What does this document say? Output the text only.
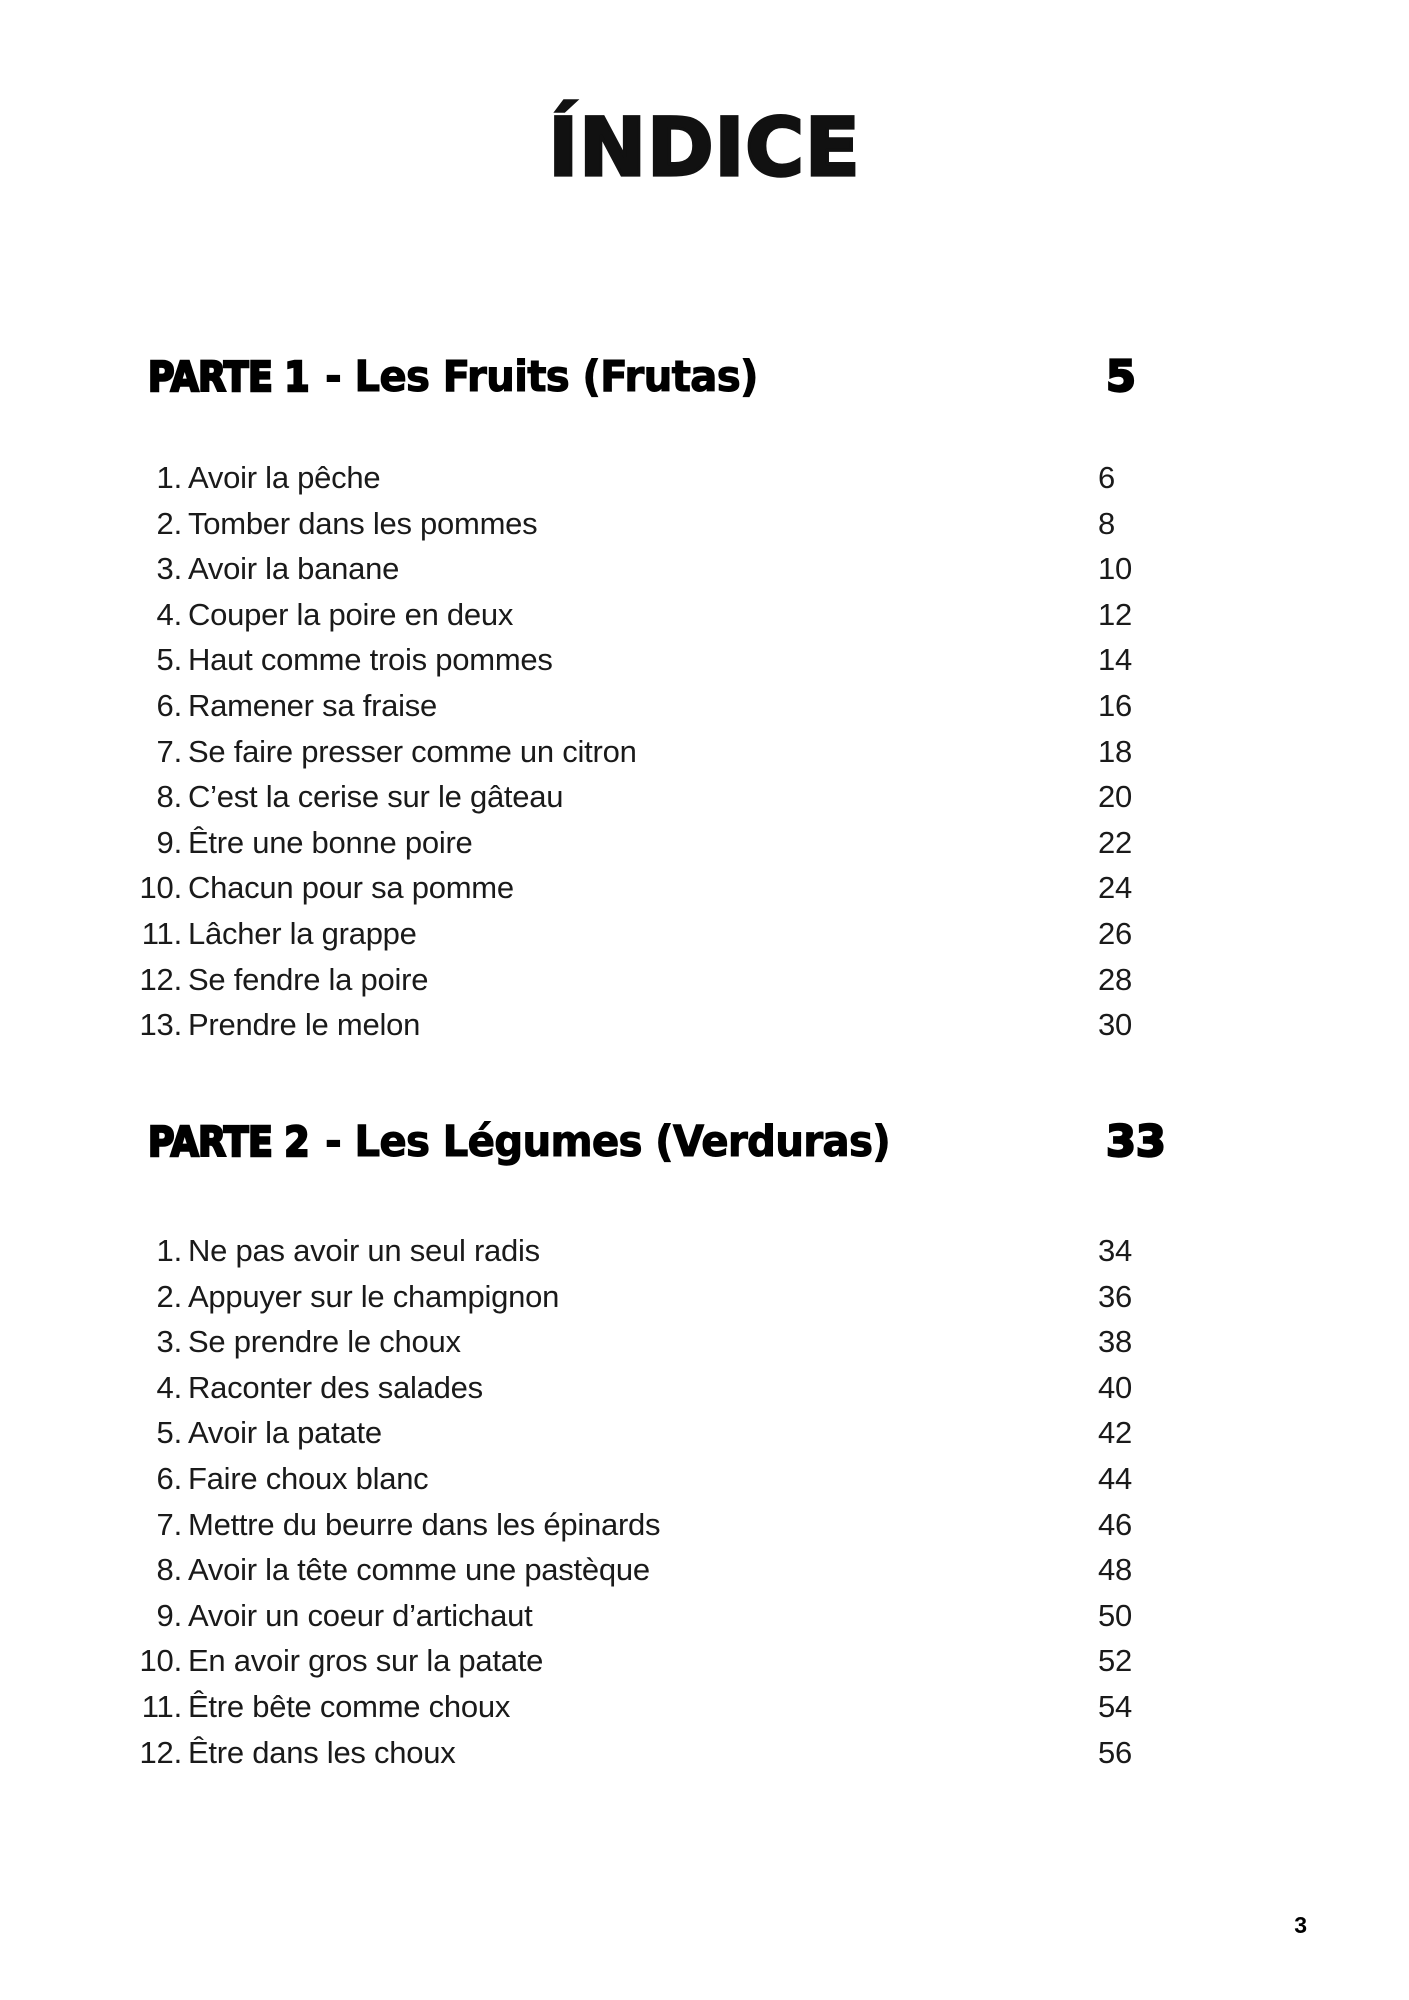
ÍNDICE
PARTE 1- Les Fruits (Frutas)	5
1. Avoir la pêche	6
2. Tomber dans les pommes	8
3. Avoir la banane	10
4. Couper la poire en deux	12
5. Haut comme trois pommes	14
6. Ramener sa fraise	16
7. Se faire presser comme un citron	18
8. C’est la cerise sur le gâteau	20
9. Être une bonne poire	22
10. Chacun pour sa pomme	24
11. Lâcher la grappe	26
12. Se fendre la poire	28
13. Prendre le melon	30
PARTE 2- Les Légumes (Verduras)	33
1. Ne pas avoir un seul radis	34
2. Appuyer sur le champignon	36
3. Se prendre le choux	38
4. Raconter des salades	40
5. Avoir la patate	42
6. Faire choux blanc	44
7. Mettre du beurre dans les épinards	46
8. Avoir la tête comme une pastèque	48
9. Avoir un coeur d’artichaut	50
10. En avoir gros sur la patate	52
11. Être bête comme choux	54
12. Être dans les choux	56
3
